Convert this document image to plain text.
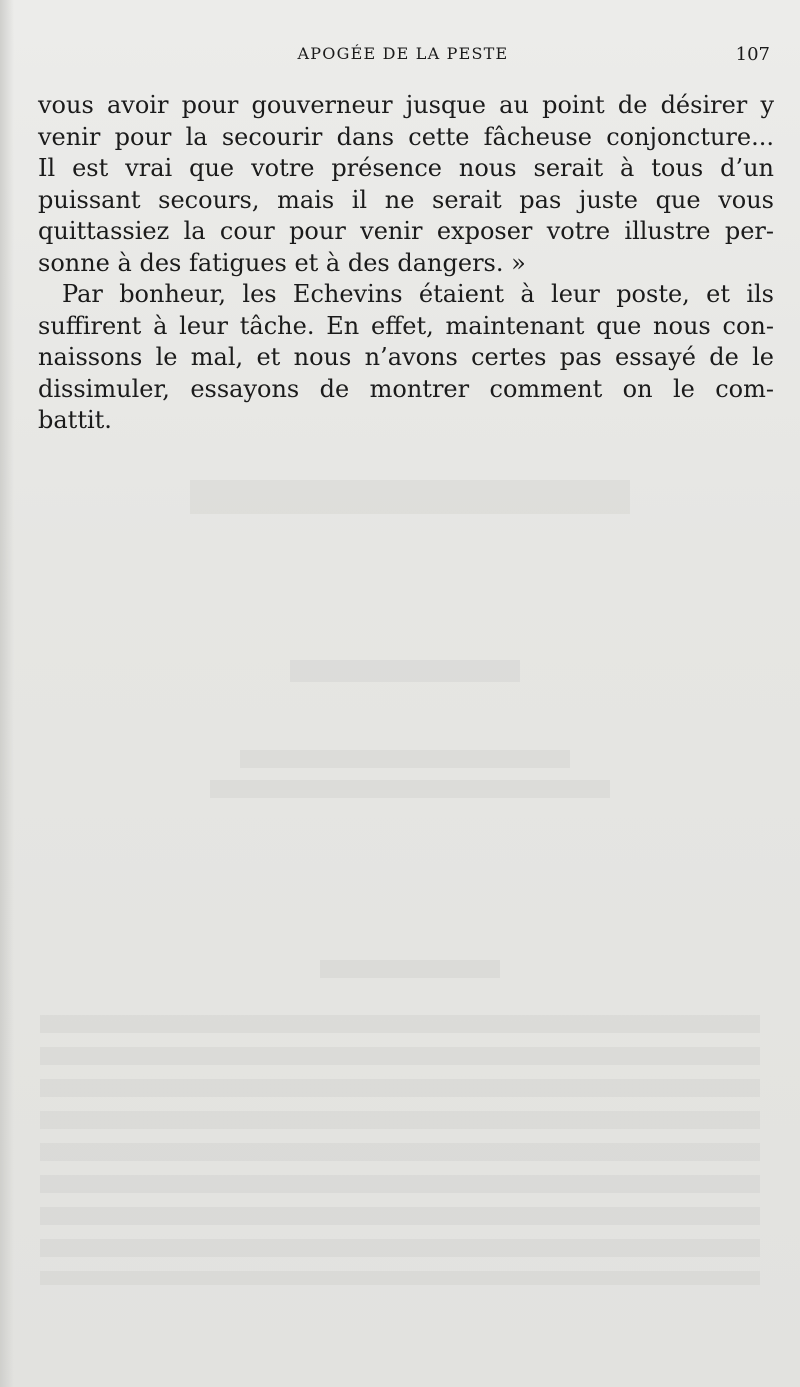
APOGÉE DE LA PESTE	107
vous avoir pour gouverneur jusque au point de désirer y
venir pour la secourir dans cette fâcheuse conjoncture...
Il est vrai que votre présence nous serait à tous d’un
puissant secours, mais il ne serait pas juste que vous
quittassiez la cour pour venir exposer votre illustre per-
sonne à des fatigues et à des dangers. »
Par bonheur, les Echevins étaient à leur poste, et ils
suffirent à leur tâche. En effet, maintenant que nous con-
naissons le mal, et nous n’avons certes pas essayé de le
dissimuler, essayons de montrer comment on le com-
battit.
